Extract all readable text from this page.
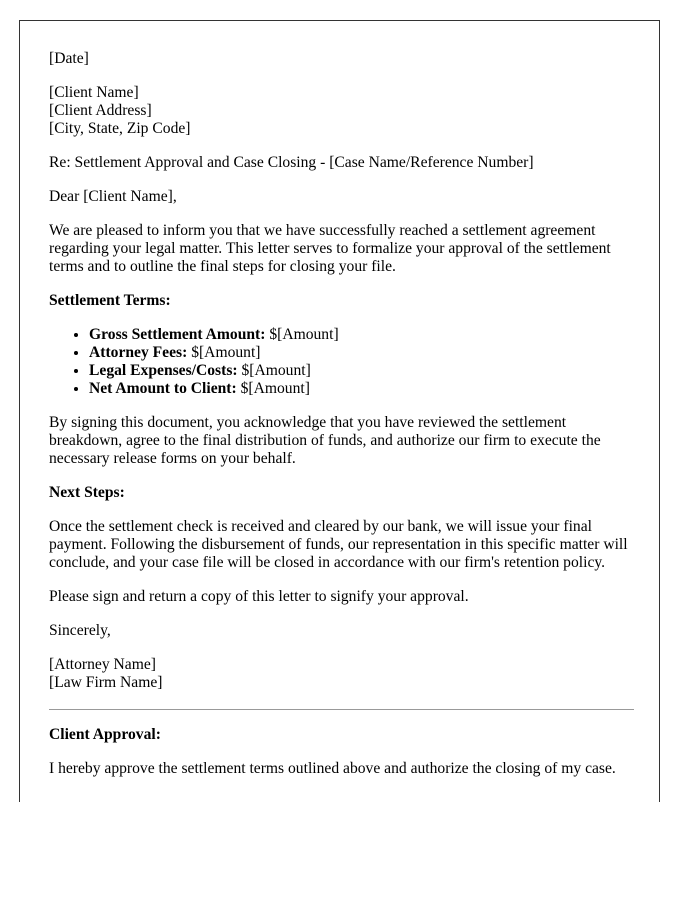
[Date]

[Client Name]
[Client Address]
[City, State, Zip Code]

Re: Settlement Approval and Case Closing - [Case Name/Reference Number]

Dear [Client Name],

We are pleased to inform you that we have successfully reached a settlement agreement regarding your legal matter. This letter serves to formalize your approval of the settlement terms and to outline the final steps for closing your file.

Settlement Terms:

• Gross Settlement Amount: $[Amount]
• Attorney Fees: $[Amount]
• Legal Expenses/Costs: $[Amount]
• Net Amount to Client: $[Amount]

By signing this document, you acknowledge that you have reviewed the settlement breakdown, agree to the final distribution of funds, and authorize our firm to execute the necessary release forms on your behalf.

Next Steps:

Once the settlement check is received and cleared by our bank, we will issue your final payment. Following the disbursement of funds, our representation in this specific matter will conclude, and your case file will be closed in accordance with our firm's retention policy.

Please sign and return a copy of this letter to signify your approval.

Sincerely,

[Attorney Name]
[Law Firm Name]

Client Approval:

I hereby approve the settlement terms outlined above and authorize the closing of my case.
